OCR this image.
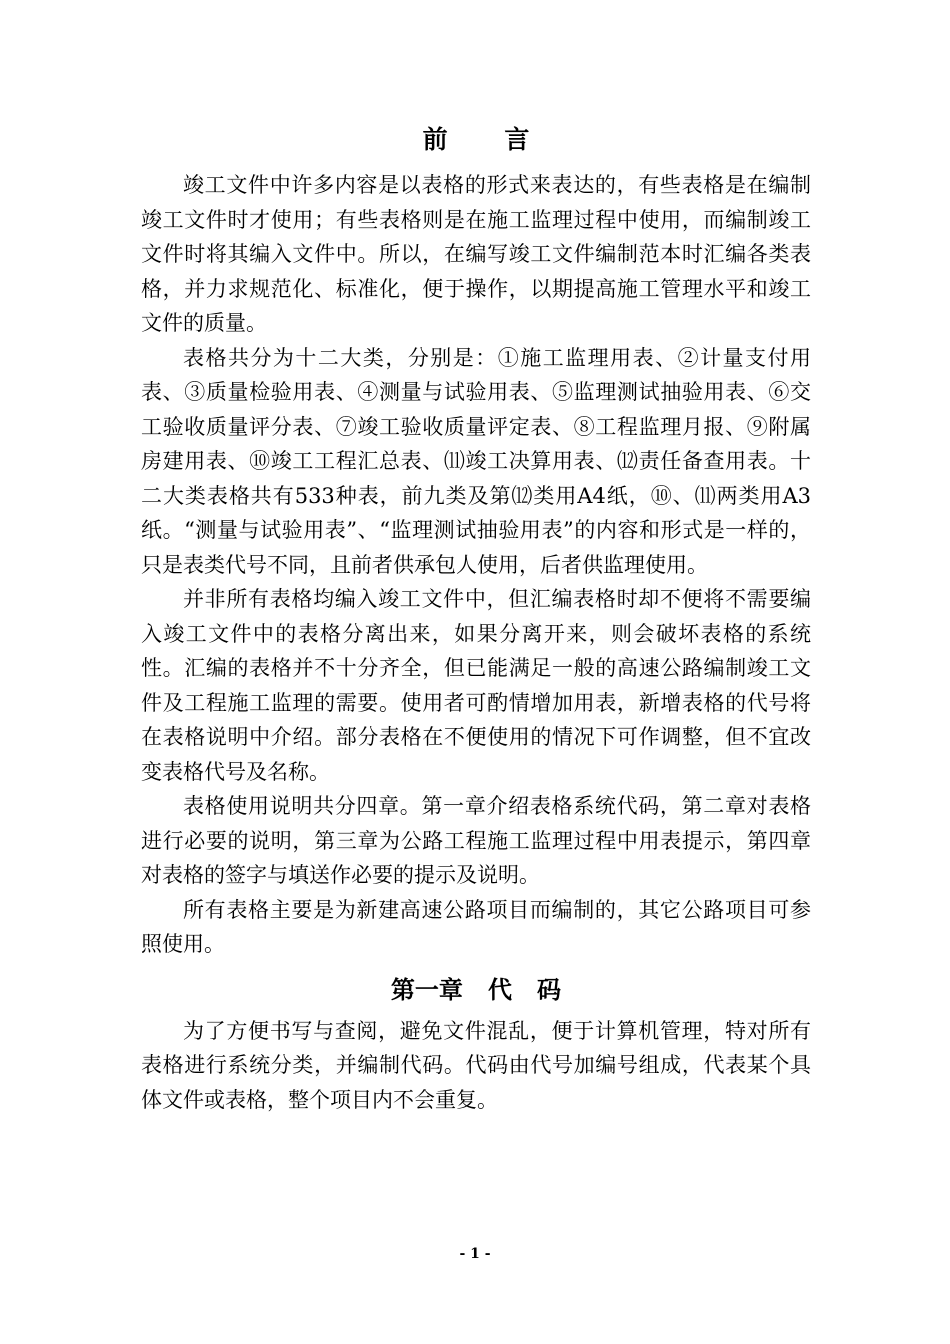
前 言

竣工文件中许多内容是以表格的形式来表达的，有些表格是在编制竣工文件时才使用；有些表格则是在施工监理过程中使用，而编制竣工文件时将其编入文件中。所以，在编写竣工文件编制范本时汇编各类表格，并力求规范化、标准化，便于操作，以期提高施工管理水平和竣工文件的质量。

表格共分为十二大类，分别是：①施工监理用表、②计量支付用表、③质量检验用表、④测量与试验用表、⑤监理测试抽验用表、⑥交工验收质量评分表、⑦竣工验收质量评定表、⑧工程监理月报、⑨附属房建用表、⑩竣工工程汇总表、⑾竣工决算用表、⑿责任备查用表。十二大类表格共有533种表，前九类及第⑿类用A4纸，⑩、⑾两类用A3纸。“测量与试验用表”、“监理测试抽验用表”的内容和形式是一样的，只是表类代号不同，且前者供承包人使用，后者供监理使用。

并非所有表格均编入竣工文件中，但汇编表格时却不便将不需要编入竣工文件中的表格分离出来，如果分离开来，则会破坏表格的系统性。汇编的表格并不十分齐全，但已能满足一般的高速公路编制竣工文件及工程施工监理的需要。使用者可酌情增加用表，新增表格的代号将在表格说明中介绍。部分表格在不便使用的情况下可作调整，但不宜改变表格代号及名称。

表格使用说明共分四章。第一章介绍表格系统代码，第二章对表格进行必要的说明，第三章为公路工程施工监理过程中用表提示，第四章对表格的签字与填送作必要的提示及说明。

所有表格主要是为新建高速公路项目而编制的，其它公路项目可参照使用。

第一章   代   码

为了方便书写与查阅，避免文件混乱，便于计算机管理，特对所有表格进行系统分类，并编制代码。代码由代号加编号组成，代表某个具体文件或表格，整个项目内不会重复。

- 1 -
